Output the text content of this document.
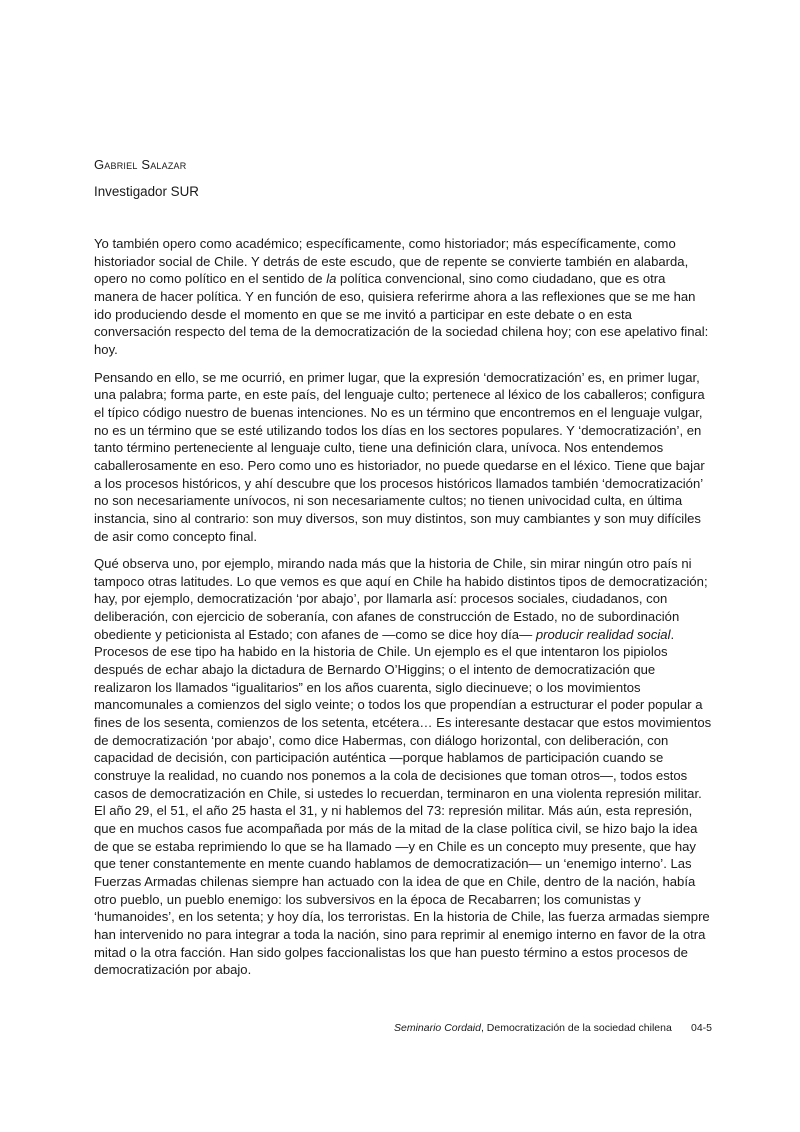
Gabriel Salazar
Investigador SUR

Yo también opero como académico; específicamente, como historiador; más específicamente, como historiador social de Chile. Y detrás de este escudo, que de repente se convierte también en alabarda, opero no como político en el sentido de la política convencional, sino como ciudadano, que es otra manera de hacer política. Y en función de eso, quisiera referirme ahora a las reflexiones que se me han ido produciendo desde el momento en que se me invitó a participar en este debate o en esta conversación respecto del tema de la democratización de la sociedad chilena hoy; con ese apelativo final: hoy.

Pensando en ello, se me ocurrió, en primer lugar, que la expresión ‘democratización’ es, en primer lugar, una palabra; forma parte, en este país, del lenguaje culto; pertenece al léxico de los caballeros; configura el típico código nuestro de buenas intenciones. No es un término que encontremos en el lenguaje vulgar, no es un término que se esté utilizando todos los días en los sectores populares. Y ‘democratización’, en tanto término perteneciente al lenguaje culto, tiene una definición clara, unívoca. Nos entendemos caballerosamente en eso. Pero como uno es historiador, no puede quedarse en el léxico. Tiene que bajar a los procesos históricos, y ahí descubre que los procesos históricos llamados también ‘democratización’ no son necesariamente unívocos, ni son necesariamente cultos; no tienen univocidad culta, en última instancia, sino al contrario: son muy diversos, son muy distintos, son muy cambiantes y son muy difíciles de asir como concepto final.

Qué observa uno, por ejemplo, mirando nada más que la historia de Chile, sin mirar ningún otro país ni tampoco otras latitudes. Lo que vemos es que aquí en Chile ha habido distintos tipos de democratización; hay, por ejemplo, democratización ‘por abajo’, por llamarla así: procesos sociales, ciudadanos, con deliberación, con ejercicio de soberanía, con afanes de construcción de Estado, no de subordinación obediente y peticionista al Estado; con afanes de —como se dice hoy día— producir realidad social. Procesos de ese tipo ha habido en la historia de Chile. Un ejemplo es el que intentaron los pipiolos después de echar abajo la dictadura de Bernardo O’Higgins; o el intento de democratización que realizaron los llamados “igualitarios” en los años cuarenta, siglo diecinueve; o los movimientos mancomunales a comienzos del siglo veinte; o todos los que propendían a estructurar el poder popular a fines de los sesenta, comienzos de los setenta, etcétera… Es interesante destacar que estos movimientos de democratización ‘por abajo’, como dice Habermas, con diálogo horizontal, con deliberación, con capacidad de decisión, con participación auténtica —porque hablamos de participación cuando se construye la realidad, no cuando nos ponemos a la cola de decisiones que toman otros—, todos estos casos de democratización en Chile, si ustedes lo recuerdan, terminaron en una violenta represión militar. El año 29, el 51, el año 25 hasta el 31, y ni hablemos del 73: represión militar. Más aún, esta represión, que en muchos casos fue acompañada por más de la mitad de la clase política civil, se hizo bajo la idea de que se estaba reprimiendo lo que se ha llamado —y en Chile es un concepto muy presente, que hay que tener constantemente en mente cuando hablamos de democratización— un ‘enemigo interno’. Las Fuerzas Armadas chilenas siempre han actuado con la idea de que en Chile, dentro de la nación, había otro pueblo, un pueblo enemigo: los subversivos en la época de Recabarren; los comunistas y ‘humanoides’, en los setenta; y hoy día, los terroristas. En la historia de Chile, las fuerza armadas siempre han intervenido no para integrar a toda la nación, sino para reprimir al enemigo interno en favor de la otra mitad o la otra facción. Han sido golpes faccionalistas los que han puesto término a estos procesos de democratización por abajo.

Seminario Cordaid, Democratización de la sociedad chilena 04-5
